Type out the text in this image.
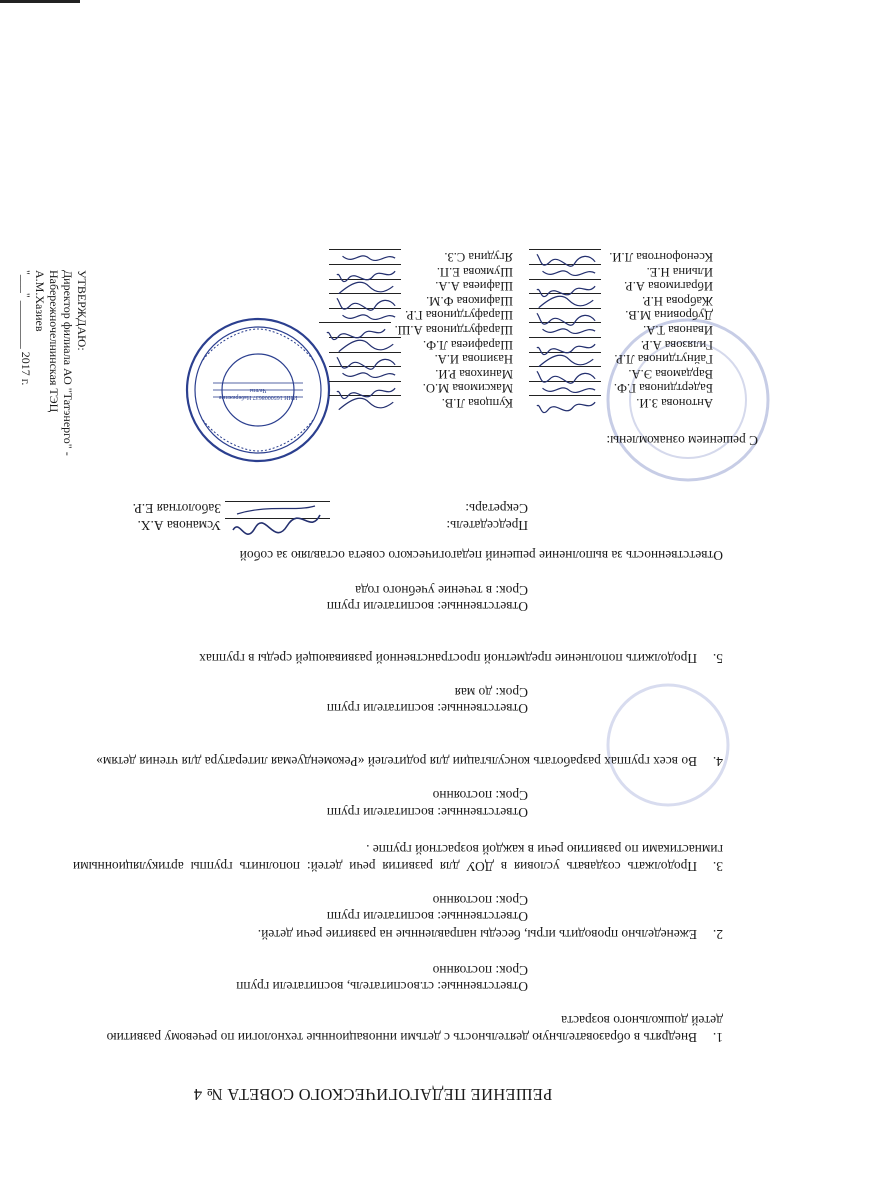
РЕШЕНИЕ ПЕДАГОГИЧЕСКОГО СОВЕТА № 4
1.Внедрять в образовательную деятельность с детьми инновационные технологии по речевому развитию детей дошкольного возраста
Ответственные: ст.воспитатель, воспитатели групп
Срок: постоянно
2.Еженедельно проводить игры, беседы направленные на развитие речи детей.
Ответственные: воспитатели групп
Срок: постоянно
3.Продолжать создавать условия в ДОУ для развития речи детей: пополнить группы артикуляционными гимнастиками по развитию речи в каждой возрастной группе .
Ответственные: воспитатели групп
Срок: постоянно
4.Во всех группах разработать консультации для родителей «Рекомендуемая литература для чтения детям»
Ответственные: воспитатели групп
Срок: до мая
5.Продолжить пополнение предметной пространственной развивающей среды в группах
Ответственные: воспитатели групп
Срок: в течение учебного года
Ответственность за выполнение решений педагогического совета оставляю за собой
Председатель:
Усманова А.Х.
Секретарь:
Заболотная Е.Р.
С решением ознакомлены:
ИНН 1650008637 Набережные Челны
Антонова З.И.
Бадертдинова Г.Ф.
Вардамова Э.А.
Гайнутдинова Л.Р.
Гилязова А.Р.
Иванова Т.А.
Дубровина М.В.
Жаброва Н.Р.
Ибрагимова А.Р.
Ильина Н.Е.
Ксенофонтова Л.И.
Купцова Л.В.
Максимова М.О.
Манихова Р.И.
Назипова И.А.
Шарафиева Л.Ф.
Шарафутдинова А.Ш.
Шарафутдинова Г.Р.
Шафикова Ф.М.
Шафиева А.А.
Шумкова Е.П.
Ягудина С.З.
УТВЕРЖДАЮ:
Директор филиала АО "Татэнерго" -
Набережночелнинская ТЭЦ
А.М.Хазиев
"___" ________ 2017 г.
